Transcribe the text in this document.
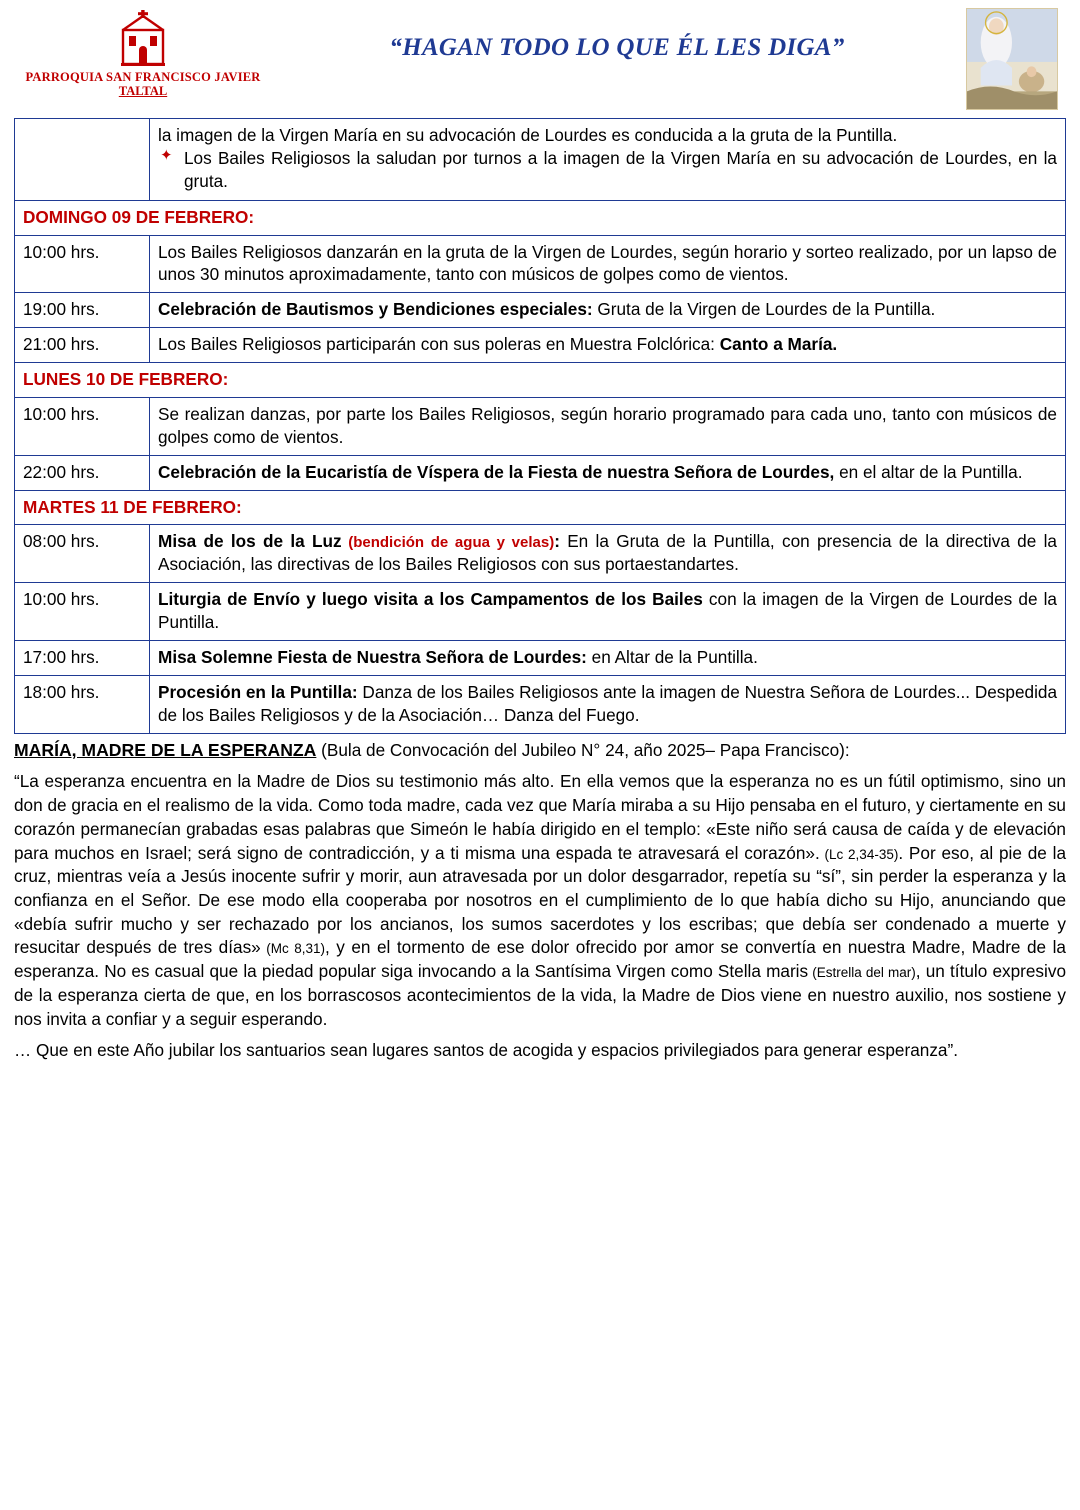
PARROQUIA SAN FRANCISCO JAVIER
TALTAL
“HAGAN TODO LO QUE ÉL LES DIGA”

la imagen de la Virgen María en su advocación de Lourdes es conducida a la gruta de la Puntilla.
✦ Los Bailes Religiosos la saludan por turnos a la imagen de la Virgen María en su advocación de Lourdes, en la gruta.

DOMINGO 09 DE FEBRERO:	
10:00 hrs.	Los Bailes Religiosos danzarán en la gruta de la Virgen de Lourdes, según horario y sorteo realizado, por un lapso de unos 30 minutos aproximadamente, tanto con músicos de golpes como de vientos.
19:00 hrs.	Celebración de Bautismos y Bendiciones especiales: Gruta de la Virgen de Lourdes de la Puntilla.
21:00 hrs.	Los Bailes Religiosos participarán con sus poleras en Muestra Folclórica: Canto a María.
LUNES 10 DE FEBRERO:	
10:00 hrs.	Se realizan danzas, por parte los Bailes Religiosos, según horario programado para cada uno, tanto con músicos de golpes como de vientos.
22:00 hrs.	Celebración de la Eucaristía de Víspera de la Fiesta de nuestra Señora de Lourdes, en el altar de la Puntilla.
MARTES 11 DE FEBRERO:	
08:00 hrs.	Misa de los de la Luz (bendición de agua y velas): En la Gruta de la Puntilla, con presencia de la directiva de la Asociación, las directivas de los Bailes Religiosos con sus portaestandartes.
10:00 hrs.	Liturgia de Envío y luego visita a los Campamentos de los Bailes con la imagen de la Virgen de Lourdes de la Puntilla.
17:00 hrs.	Misa Solemne Fiesta de Nuestra Señora de Lourdes: en Altar de la Puntilla.
18:00 hrs.	Procesión en la Puntilla: Danza de los Bailes Religiosos ante la imagen de Nuestra Señora de Lourdes... Despedida de los Bailes Religiosos y de la Asociación… Danza del Fuego.

MARÍA, MADRE DE LA ESPERANZA (Bula de Convocación del Jubileo N° 24, año 2025– Papa Francisco):

“La esperanza encuentra en la Madre de Dios su testimonio más alto. En ella vemos que la esperanza no es un fútil optimismo, sino un don de gracia en el realismo de la vida. Como toda madre, cada vez que María miraba a su Hijo pensaba en el futuro, y ciertamente en su corazón permanecían grabadas esas palabras que Simeón le había dirigido en el templo: «Este niño será causa de caída y de elevación para muchos en Israel; será signo de contradicción, y a ti misma una espada te atravesará el corazón». (Lc 2,34-35). Por eso, al pie de la cruz, mientras veía a Jesús inocente sufrir y morir, aun atravesada por un dolor desgarrador, repetía su “sí”, sin perder la esperanza y la confianza en el Señor. De ese modo ella cooperaba por nosotros en el cumplimiento de lo que había dicho su Hijo, anunciando que «debía sufrir mucho y ser rechazado por los ancianos, los sumos sacerdotes y los escribas; que debía ser condenado a muerte y resucitar después de tres días» (Mc 8,31), y en el tormento de ese dolor ofrecido por amor se convertía en nuestra Madre, Madre de la esperanza. No es casual que la piedad popular siga invocando a la Santísima Virgen como Stella maris (Estrella del mar), un título expresivo de la esperanza cierta de que, en los borrascosos acontecimientos de la vida, la Madre de Dios viene en nuestro auxilio, nos sostiene y nos invita a confiar y a seguir esperando.

… Que en este Año jubilar los santuarios sean lugares santos de acogida y espacios privilegiados para generar esperanza”.
